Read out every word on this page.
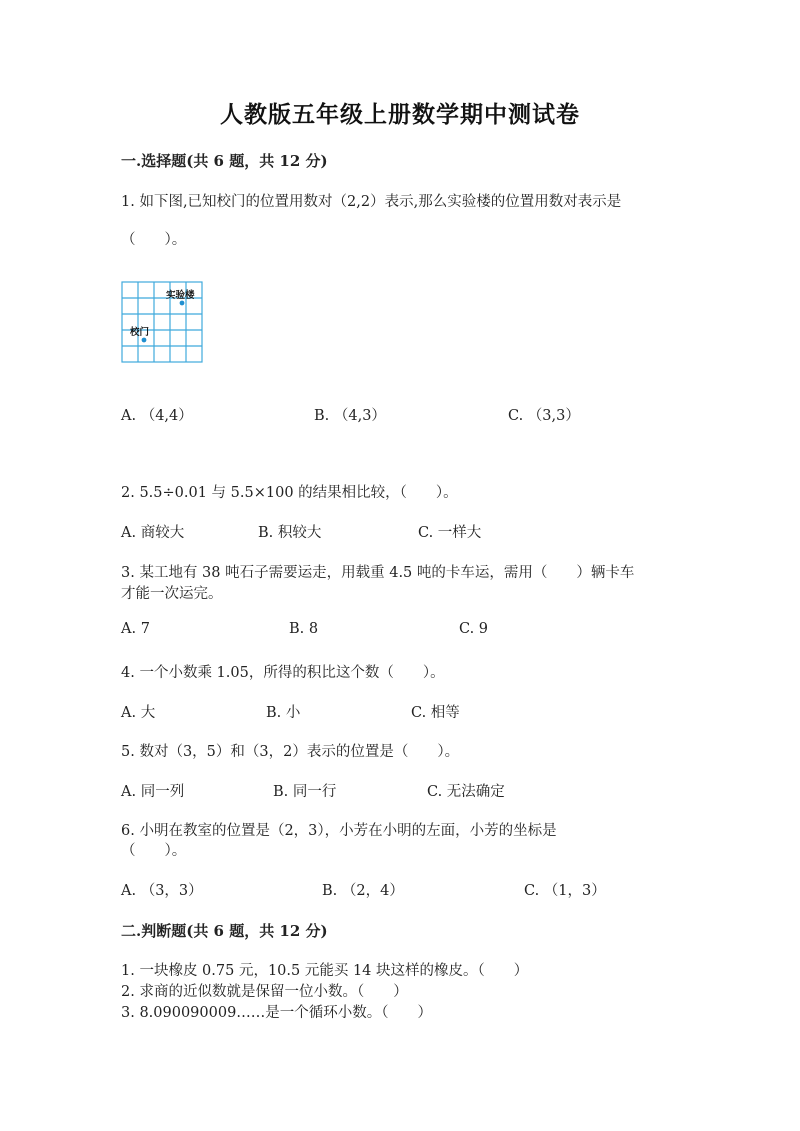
人教版五年级上册数学期中测试卷
一.选择题(共 6 题，共 12 分)
1. 如下图,已知校门的位置用数对（2,2）表示,那么实验楼的位置用数对表示是
（　　）。
实验楼
校门
A. （4,4）	B. （4,3）	C. （3,3）
2. 5.5÷0.01 与 5.5×100 的结果相比较，（　　）。
A. 商较大	B. 积较大	C. 一样大
3. 某工地有 38 吨石子需要运走，用载重 4.5 吨的卡车运，需用（　　）辆卡车
才能一次运完。
A. 7	B. 8	C. 9
4. 一个小数乘 1.05，所得的积比这个数（　　）。
A. 大	B. 小	C. 相等
5. 数对（3，5）和（3，2）表示的位置是（　　）。
A. 同一列	B. 同一行	C. 无法确定
6. 小明在教室的位置是（2，3），小芳在小明的左面，小芳的坐标是
（　　）。
A. （3，3）	B. （2，4）	C. （1，3）
二.判断题(共 6 题，共 12 分)
1. 一块橡皮 0.75 元，10.5 元能买 14 块这样的橡皮。（　　）
2. 求商的近似数就是保留一位小数。（　　）
3. 8.090090009……是一个循环小数。（　　）
